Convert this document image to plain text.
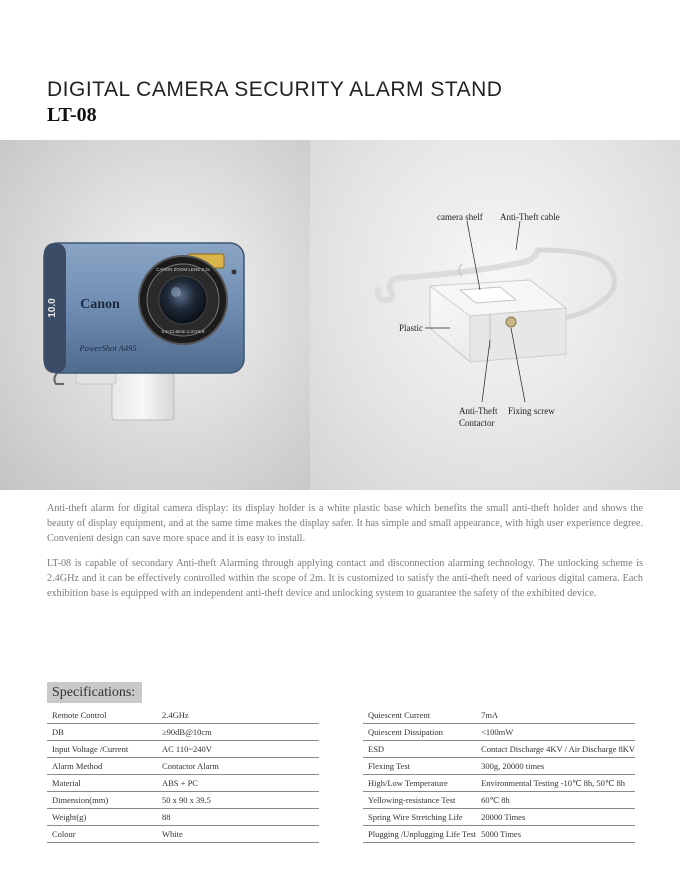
DIGITAL CAMERA SECURITY ALARM STAND
LT-08
10.0 Canon
PowerShot A495
CANON ZOOM LENS 3.3x
6.6-21.6mm 1:3.0-5.8
camera shelf Anti-Theft cable
Plastic
Anti-Theft
Contactor
Fixing screw

Anti-theft alarm for digital camera display: its display holder is a white plastic base which benefits the small anti-theft holder and shows the beauty of display equipment, and at the same time makes the display safer. It has simple and small appearance, with high user experience degree. Convenient design can save more space and it is easy to install.

LT-08 is capable of secondary Anti-theft Alarming through applying contact and disconnection alarming technology. The unlocking scheme is 2.4GHz and it can be effectively controlled within the scope of 2m. It is customized to satisfy the anti-theft need of various digital camera. Each exhibition base is equipped with an independent anti-theft device and unlocking system to guarantee the safety of the exhibited device.

Specifications:
Remote Control	2.4GHz
DB	≥90dB@10cm
Input Voltage /Current	AC 110~240V
Alarm Method	Contactor Alarm
Material	ABS + PC
Dimension(mm)	50 x 90 x 39.5
Weight(g)	88
Colour	White
Quiescent Current	7mA
Quiescent Dissipation	<100mW
ESD	Contact Discharge 4KV / Air Discharge 8KV
Flexing Test	300g, 20000 times
High/Low Temperature	Environmental Testing -10℃ 8h, 50℃ 8h
Yellowing-resistance Test	60℃ 8h
Spring Wire Stretching Life	20000 Times
Plugging /Unplugging Life Test	5000 Times
